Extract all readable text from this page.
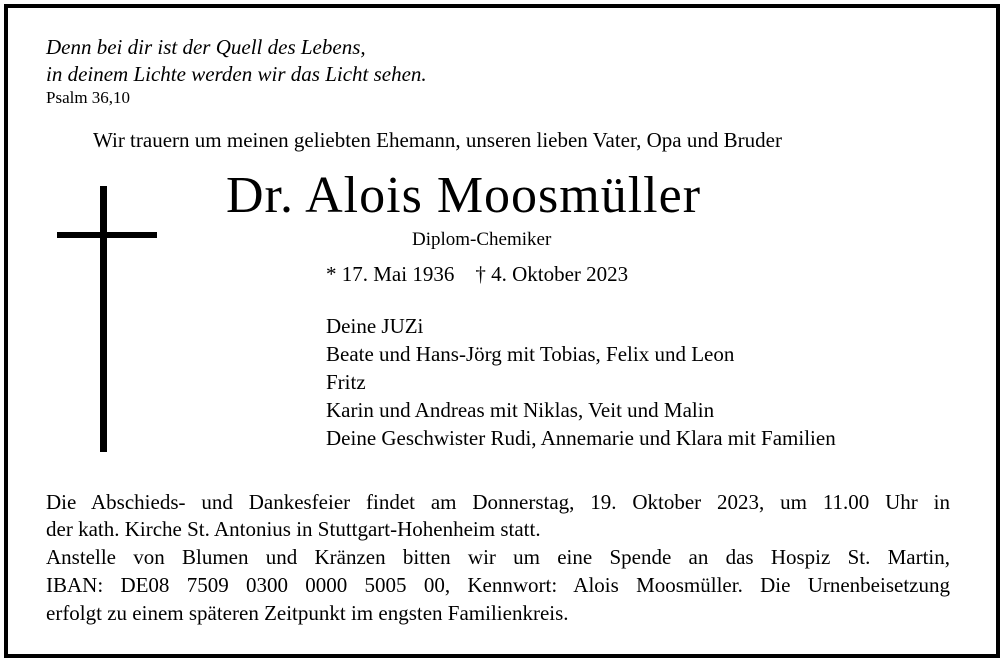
Denn bei dir ist der Quell des Lebens,
in deinem Lichte werden wir das Licht sehen.
Psalm 36,10
Wir trauern um meinen geliebten Ehemann, unseren lieben Vater, Opa und Bruder
Dr. Alois Moosmüller
Diplom-Chemiker
* 17. Mai 1936    † 4. Oktober 2023
Deine JUZi
Beate und Hans-Jörg mit Tobias, Felix und Leon
Fritz
Karin und Andreas mit Niklas, Veit und Malin
Deine Geschwister Rudi, Annemarie und Klara mit Familien
Die Abschieds- und Dankesfeier findet am Donnerstag, 19. Oktober 2023, um 11.00 Uhr in
der kath. Kirche St. Antonius in Stuttgart-Hohenheim statt.
Anstelle von Blumen und Kränzen bitten wir um eine Spende an das Hospiz St. Martin,
IBAN: DE08 7509 0300 0000 5005 00, Kennwort: Alois Moosmüller. Die Urnenbeisetzung
erfolgt zu einem späteren Zeitpunkt im engsten Familienkreis.
